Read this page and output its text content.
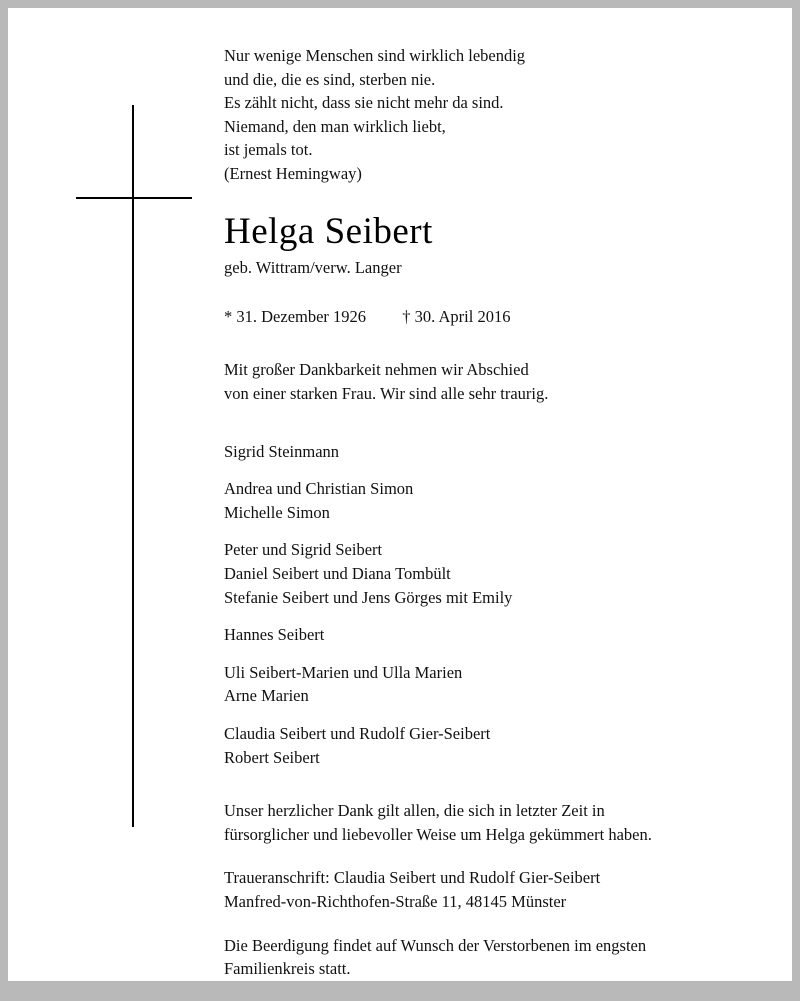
Nur wenige Menschen sind wirklich lebendig
und die, die es sind, sterben nie.
Es zählt nicht, dass sie nicht mehr da sind.
Niemand, den man wirklich liebt,
ist jemals tot.
(Ernest Hemingway)
Helga Seibert
geb. Wittram/verw. Langer
* 31. Dezember 1926 † 30. April 2016
Mit großer Dankbarkeit nehmen wir Abschied
von einer starken Frau. Wir sind alle sehr traurig.
Sigrid Steinmann
Andrea und Christian Simon
Michelle Simon
Peter und Sigrid Seibert
Daniel Seibert und Diana Tombült
Stefanie Seibert und Jens Görges mit Emily
Hannes Seibert
Uli Seibert-Marien und Ulla Marien
Arne Marien
Claudia Seibert und Rudolf Gier-Seibert
Robert Seibert
Unser herzlicher Dank gilt allen, die sich in letzter Zeit in
fürsorglicher und liebevoller Weise um Helga gekümmert haben.
Traueranschrift: Claudia Seibert und Rudolf Gier-Seibert
Manfred-von-Richthofen-Straße 11, 48145 Münster
Die Beerdigung findet auf Wunsch der Verstorbenen im engsten
Familienkreis statt.
